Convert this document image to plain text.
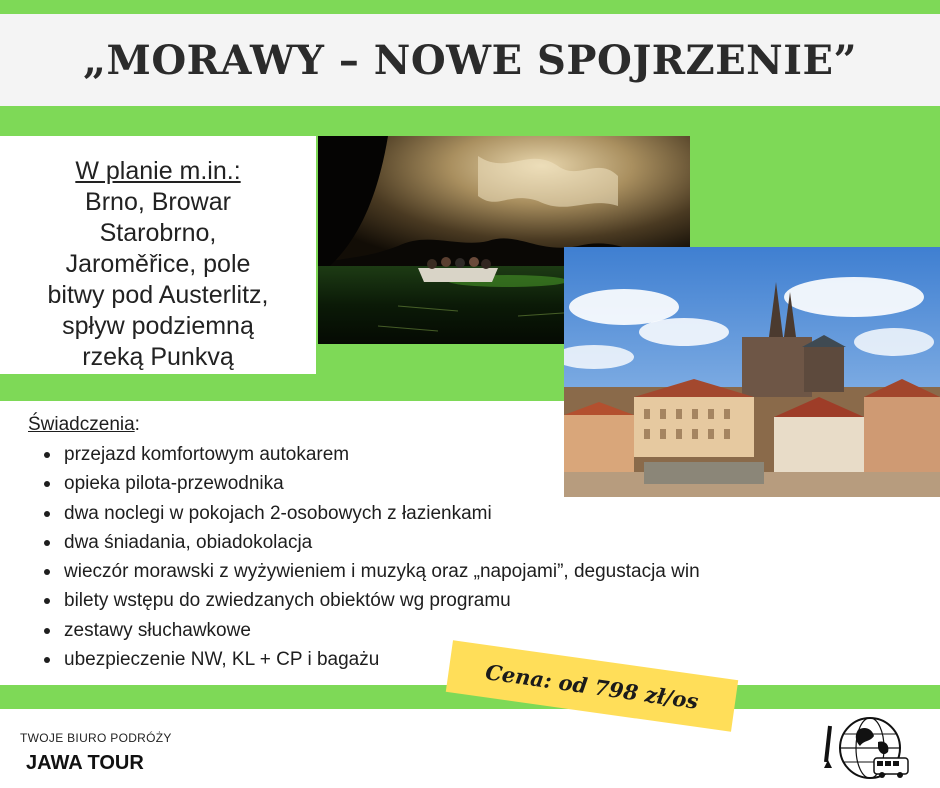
„MORAWY – NOWE SPOJRZENIE”
W planie m.in.:
Brno, Browar
Starobrno,
Jaroměřice, pole
bitwy pod Austerlitz,
spływ podziemną
rzeką Punkvą
Świadczenia:
przejazd komfortowym autokarem
opieka pilota-przewodnika
dwa noclegi w pokojach 2-osobowych z łazienkami
dwa śniadania, obiadokolacja
wieczór morawski z wyżywieniem i muzyką oraz „napojami”, degustacja win
bilety wstępu do zwiedzanych obiektów wg programu
zestawy słuchawkowe
ubezpieczenie NW, KL + CP i bagażu	Cena: od 798 zł/os
TWOJE BIURO PODRÓŻY
JAWA TOUR
